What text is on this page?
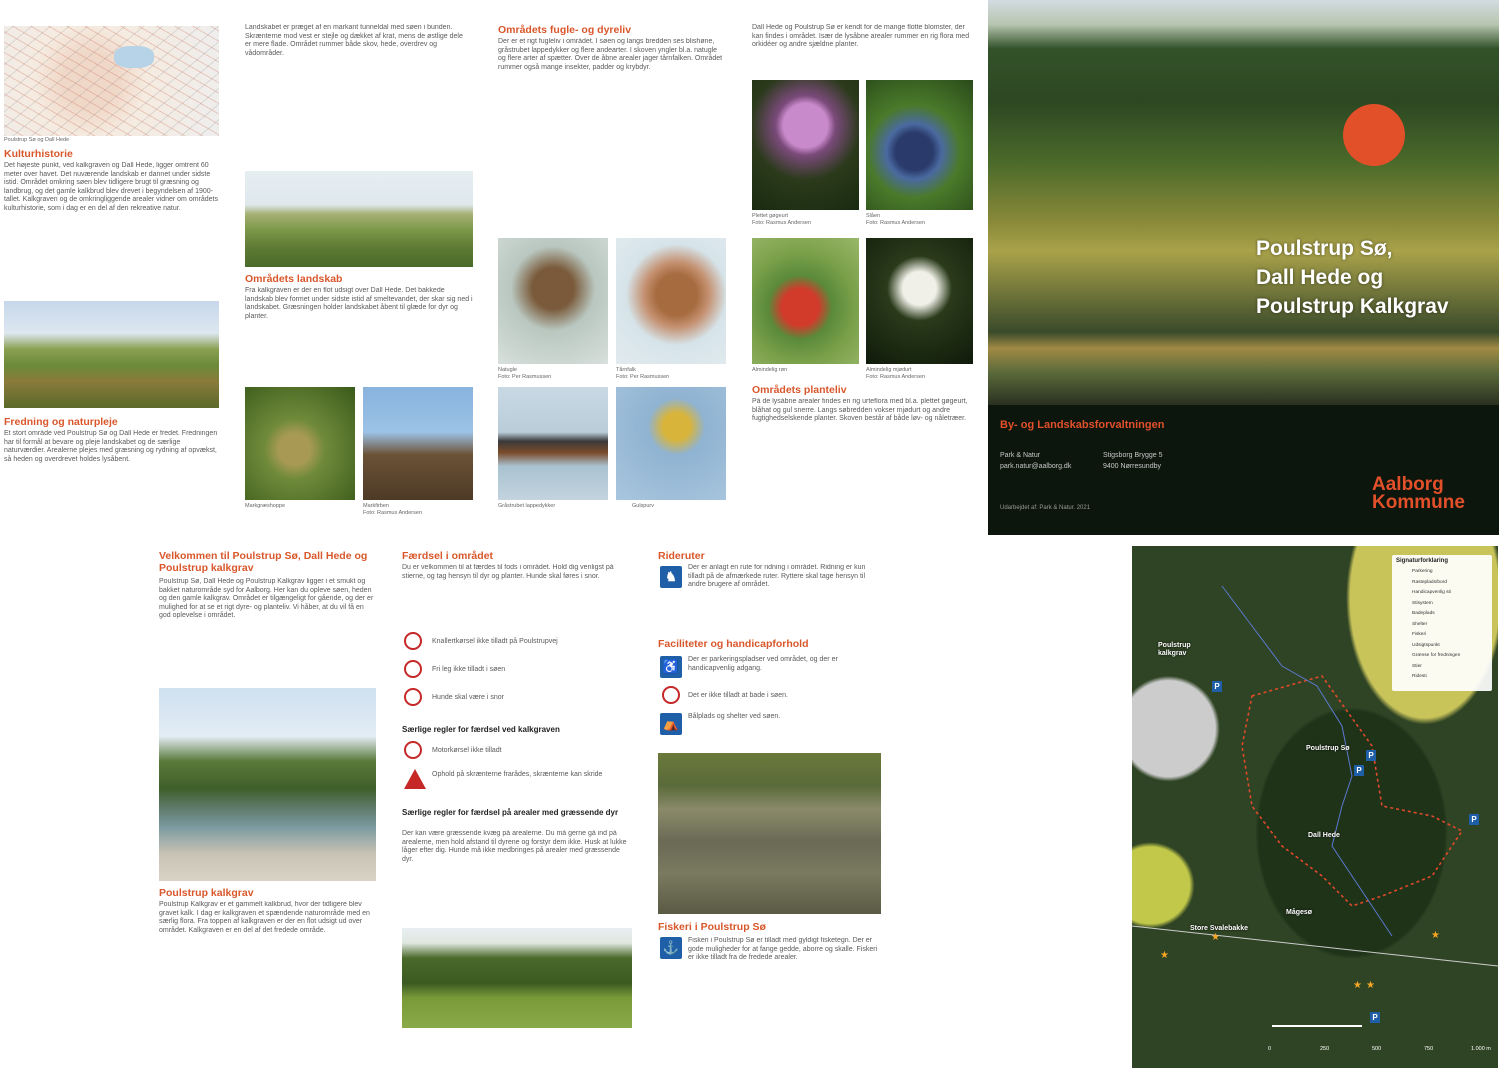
Poulstrup Sø og Dall Hede
Kulturhistorie
Det højeste punkt, ved kalkgraven og Dall Hede, ligger omtrent 60 meter over havet. Det nuværende landskab er dannet under sidste istid. Området omkring søen blev tidligere brugt til græsning og landbrug, og det gamle kalkbrud blev drevet i begyndelsen af 1900-tallet. Kalkgraven og de omkringliggende arealer vidner om områdets kulturhistorie, som i dag er en del af den rekreative natur.
Fredning og naturpleje
Et stort område ved Poulstrup Sø og Dall Hede er fredet. Fredningen har til formål at bevare og pleje landskabet og de særlige naturværdier. Arealerne plejes med græsning og rydning af opvækst, så heden og overdrevet holdes lysåbent.
Landskabet er præget af en markant tunneldal med søen i bunden. Skrænterne mod vest er stejle og dækket af krat, mens de østlige dele er mere flade. Området rummer både skov, hede, overdrev og vådområder.
Områdets landskab
Fra kalkgraven er der en flot udsigt over Dall Hede. Det bakkede landskab blev formet under sidste istid af smeltevandet, der skar sig ned i landskabet. Græsningen holder landskabet åbent til glæde for dyr og planter.
Markgræshoppe	Markfirben
Foto: Rasmus Andersen
Områdets fugle- og dyreliv
Der er et rigt fugleliv i området. I søen og langs bredden ses blishøne, gråstrubet lappedykker og flere andearter. I skoven yngler bl.a. natugle og flere arter af spætter. Over de åbne arealer jager tårnfalken. Området rummer også mange insekter, padder og krybdyr.
Natugle
Foto: Per Rasmussen
Tårnfalk
Foto: Per Rasmussen
Gråstrubet lappedykker	Gulspurv
Dall Hede og Poulstrup Sø er kendt for de mange flotte blomster, der kan findes i området. Især de lysåbne arealer rummer en rig flora med orkidéer og andre sjældne planter.
Plettet gøgeurt
Foto: Rasmus Andersen
Slåen
Foto: Rasmus Andersen
Almindelig røn	Almindelig mjødurt
Foto: Rasmus Andersen
Områdets planteliv
På de lysåbne arealer findes en rig urteflora med bl.a. plettet gøgeurt, blåhat og gul snerre. Langs søbredden vokser mjødurt og andre fugtighedselskende planter. Skoven består af både løv- og nåletræer.
Poulstrup Sø,
Dall Hede og
Poulstrup Kalkgrav
By- og Landskabsforvaltningen
Park & Natur
park.natur@aalborg.dk
Stigsborg Brygge 5
9400 Nørresundby
Udarbejdet af: Park & Natur. 2021
Aalborg
Kommune
Velkommen til Poulstrup Sø, Dall Hede og Poulstrup kalkgrav
Poulstrup Sø, Dall Hede og Poulstrup Kalkgrav ligger i et smukt og bakket naturområde syd for Aalborg. Her kan du opleve søen, heden og den gamle kalkgrav. Området er tilgængeligt for gående, og der er mulighed for at se et rigt dyre- og planteliv. Vi håber, at du vil få en god oplevelse i området.
Poulstrup kalkgrav
Poulstrup Kalkgrav er et gammelt kalkbrud, hvor der tidligere blev gravet kalk. I dag er kalkgraven et spændende naturområde med en særlig flora. Fra toppen af kalkgraven er der en flot udsigt ud over området. Kalkgraven er en del af det fredede område.
Færdsel i området
Du er velkommen til at færdes til fods i området. Hold dig venligst på stierne, og tag hensyn til dyr og planter. Hunde skal føres i snor.
Knallertkørsel ikke tilladt på Poulstrupvej
Fri leg ikke tilladt i søen
Hunde skal være i snor
Særlige regler for færdsel ved kalkgraven
Motorkørsel ikke tilladt
Ophold på skrænterne frarådes, skrænterne kan skride
Særlige regler for færdsel på arealer med græssende dyr
Der kan være græssende kvæg på arealerne. Du må gerne gå ind på arealerne, men hold afstand til dyrene og forstyr dem ikke. Husk at lukke låger efter dig. Hunde må ikke medbringes på arealer med græssende dyr.
Rideruter
♞
Der er anlagt en rute for ridning i området. Ridning er kun tilladt på de afmærkede ruter. Ryttere skal tage hensyn til andre brugere af området.
Faciliteter og handicapforhold
♿	Der er parkeringspladser ved området, og der er handicapvenlig adgang.
Det er ikke tilladt at bade i søen.
⛺	Bålplads og shelter ved søen.
Fiskeri i Poulstrup Sø
⚓	Fiskeri i Poulstrup Sø er tilladt med gyldigt fisketegn. Der er gode muligheder for at fange gedde, aborre og skalle. Fiskeri er ikke tilladt fra de fredede arealer.
Poulstrup kalkgrav
Poulstrup Sø
Dall Hede
Mågesø
Store Svalebakke
P
P
P
P
P
★	★
★ ★
★
Signaturforklaring
Parkering
Rasteplads/bord
Handicapvenlig sti
Stisystem
Badeplads
Shelter
Fiskeri
Udsigtspunkt
Grænse for fredningen
Stier
Ridesti
0	250	500	750	1.000 m
